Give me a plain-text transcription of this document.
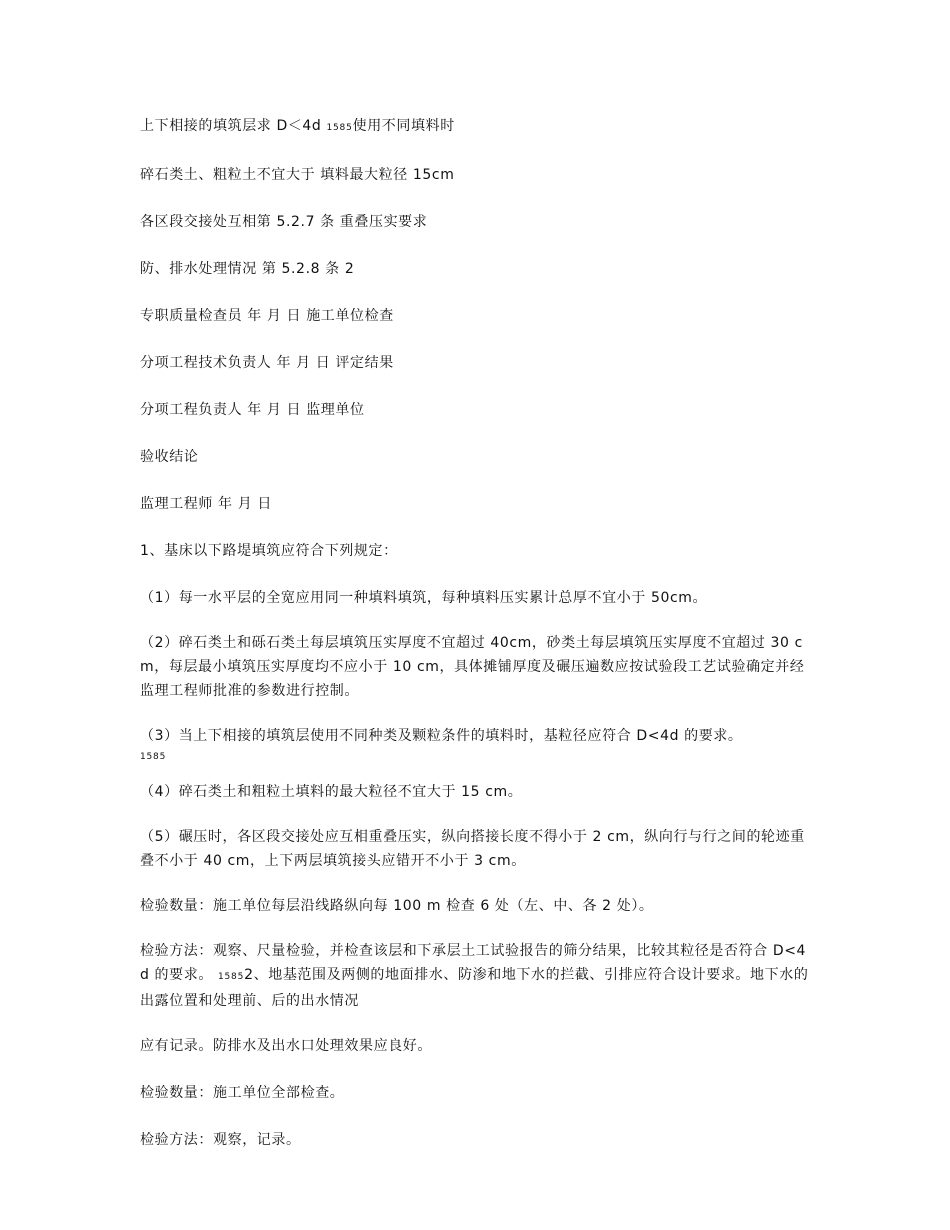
上下相接的填筑层求 D＜4d 1585使用不同填料时

碎石类土、粗粒土不宜大于 填料最大粒径 15cm

各区段交接处互相第 5.2.7 条 重叠压实要求

防、排水处理情况 第 5.2.8 条 2

专职质量检查员 年 月 日 施工单位检查

分项工程技术负责人 年 月 日 评定结果

分项工程负责人 年 月 日 监理单位

验收结论

监理工程师 年 月 日

1、基床以下路堤填筑应符合下列规定：

（1）每一水平层的全宽应用同一种填料填筑，每种填料压实累计总厚不宜小于 50cm。

（2）碎石类土和砾石类土每层填筑压实厚度不宜超过 40cm，砂类土每层填筑压实厚度不宜超过 30 cm，每层最小填筑压实厚度均不应小于 10 cm，具体摊铺厚度及碾压遍数应按试验段工艺试验确定并经监理工程师批准的参数进行控制。

（3）当上下相接的填筑层使用不同种类及颗粒条件的填料时，基粒径应符合 D<4d 的要求。
1585

（4）碎石类土和粗粒土填料的最大粒径不宜大于 15 cm。

（5）碾压时，各区段交接处应互相重叠压实，纵向搭接长度不得小于 2 cm，纵向行与行之间的轮迹重叠不小于 40 cm，上下两层填筑接头应错开不小于 3 cm。

检验数量：施工单位每层沿线路纵向每 100 m 检查 6 处（左、中、各 2 处）。

检验方法：观察、尺量检验，并检查该层和下承层土工试验报告的筛分结果，比较其粒径是否符合 D<4d 的要求。 15852、地基范围及两侧的地面排水、防渗和地下水的拦截、引排应符合设计要求。地下水的出露位置和处理前、后的出水情况

应有记录。防排水及出水口处理效果应良好。

检验数量：施工单位全部检查。

检验方法：观察，记录。
